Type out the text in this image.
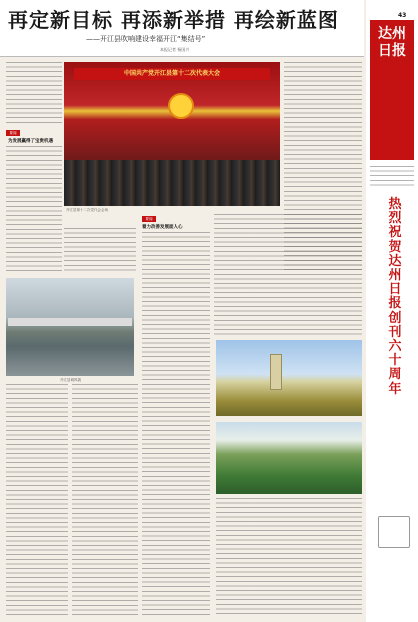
再定新目标 再添新举措 再绘新蓝图
——开江县吹响建设幸福开江“集结号”
本报记者 杨国兴
要闻
为发展赢得了宝贵机遇
中国共产党开江县第十二次代表大会
开江县第十二次党代会会场
要闻
着力改善发展面人心
开江县城风貌
43
达州日报
热烈祝贺达州日报创刊六十周年
